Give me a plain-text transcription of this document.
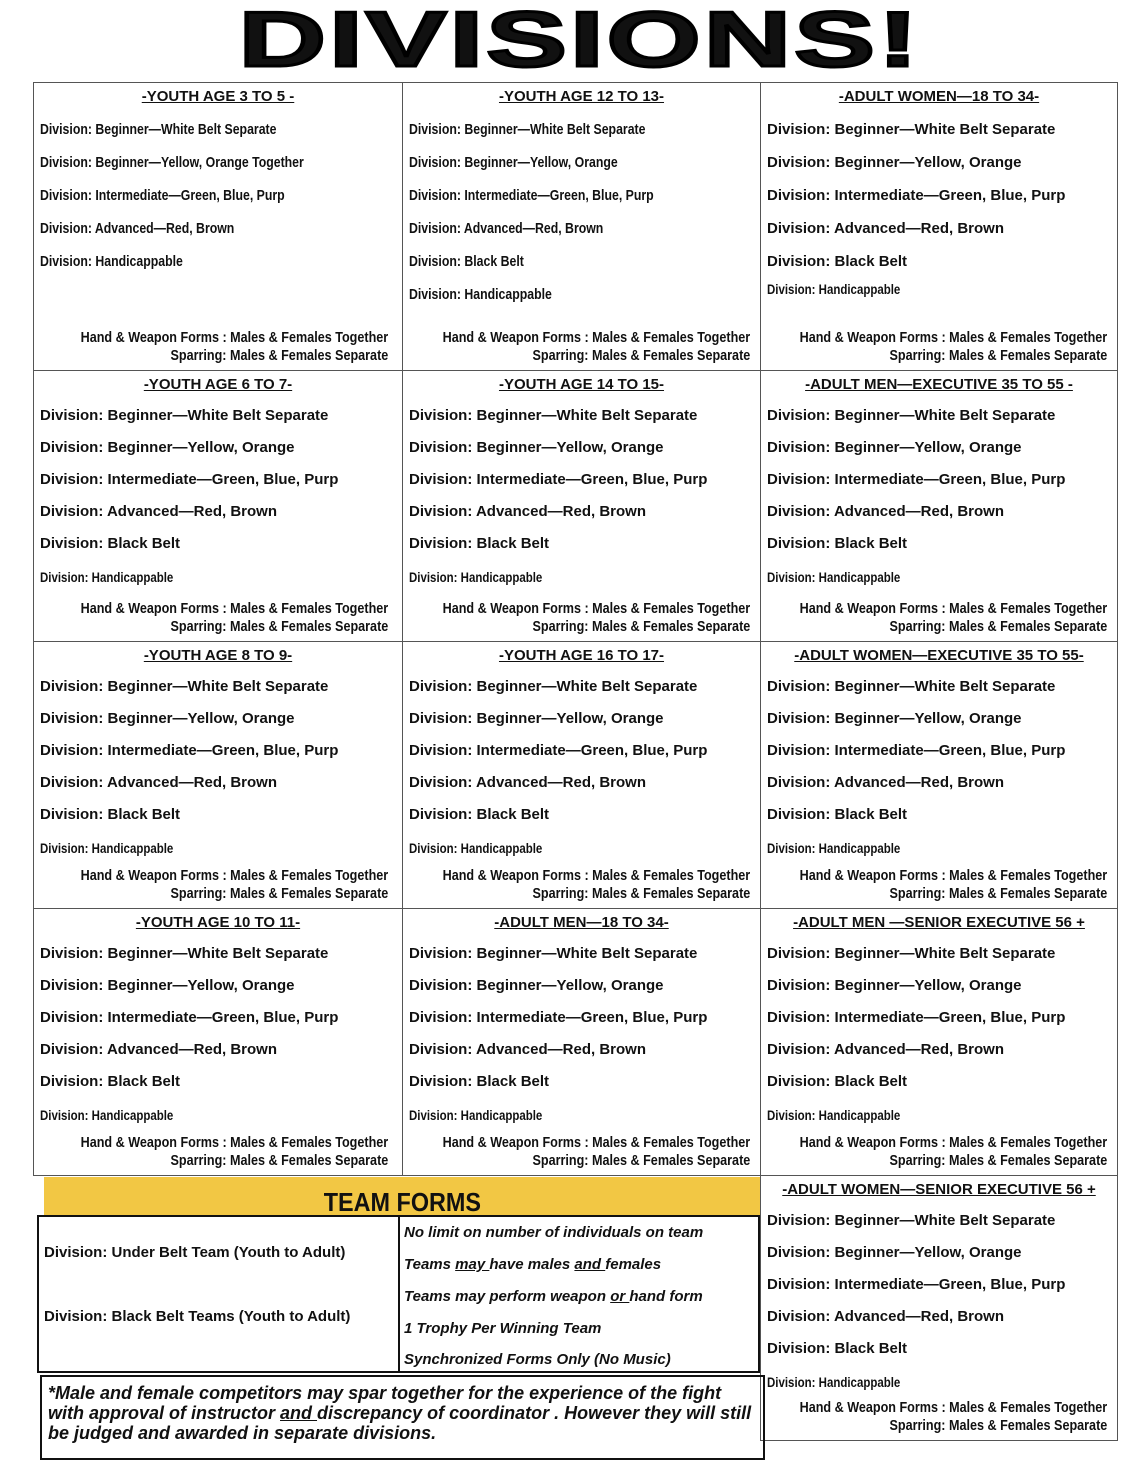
DIVISIONS!
-YOUTH AGE 3 TO 5 -
Division: Beginner—White Belt Separate
Division: Beginner—Yellow, Orange Together
Division: Intermediate—Green, Blue, Purp
Division: Advanced—Red, Brown
Division: Handicappable
Hand & Weapon Forms : Males & Females Together
Sparring: Males & Females Separate
-YOUTH AGE 12 TO 13-
Division: Beginner—White Belt Separate
Division: Beginner—Yellow, Orange
Division: Intermediate—Green, Blue, Purp
Division: Advanced—Red, Brown
Division: Black Belt
Division: Handicappable
Hand & Weapon Forms : Males & Females Together
Sparring: Males & Females Separate
-ADULT WOMEN—18 TO 34-
Division: Beginner—White Belt Separate
Division: Beginner—Yellow, Orange
Division: Intermediate—Green, Blue, Purp
Division: Advanced—Red, Brown
Division: Black Belt
Division: Handicappable
Hand & Weapon Forms : Males & Females Together
Sparring: Males & Females Separate
-YOUTH AGE 6 TO 7-
Division: Beginner—White Belt Separate
Division: Beginner—Yellow, Orange
Division: Intermediate—Green, Blue, Purp
Division: Advanced—Red, Brown
Division: Black Belt
Division: Handicappable
Hand & Weapon Forms : Males & Females Together
Sparring: Males & Females Separate
-YOUTH AGE 14 TO 15-
Division: Beginner—White Belt Separate
Division: Beginner—Yellow, Orange
Division: Intermediate—Green, Blue, Purp
Division: Advanced—Red, Brown
Division: Black Belt
Division: Handicappable
Hand & Weapon Forms : Males & Females Together
Sparring: Males & Females Separate
-ADULT MEN—EXECUTIVE 35 TO 55 -
Division: Beginner—White Belt Separate
Division: Beginner—Yellow, Orange
Division: Intermediate—Green, Blue, Purp
Division: Advanced—Red, Brown
Division: Black Belt
Division: Handicappable
Hand & Weapon Forms : Males & Females Together
Sparring: Males & Females Separate
-YOUTH AGE 8 TO 9-
Division: Beginner—White Belt Separate
Division: Beginner—Yellow, Orange
Division: Intermediate—Green, Blue, Purp
Division: Advanced—Red, Brown
Division: Black Belt
Division: Handicappable
Hand & Weapon Forms : Males & Females Together
Sparring: Males & Females Separate
-YOUTH AGE 16 TO 17-
Division: Beginner—White Belt Separate
Division: Beginner—Yellow, Orange
Division: Intermediate—Green, Blue, Purp
Division: Advanced—Red, Brown
Division: Black Belt
Division: Handicappable
Hand & Weapon Forms : Males & Females Together
Sparring: Males & Females Separate
-ADULT WOMEN—EXECUTIVE 35 TO 55-
Division: Beginner—White Belt Separate
Division: Beginner—Yellow, Orange
Division: Intermediate—Green, Blue, Purp
Division: Advanced—Red, Brown
Division: Black Belt
Division: Handicappable
Hand & Weapon Forms : Males & Females Together
Sparring: Males & Females Separate
-YOUTH AGE 10 TO 11-
Division: Beginner—White Belt Separate
Division: Beginner—Yellow, Orange
Division: Intermediate—Green, Blue, Purp
Division: Advanced—Red, Brown
Division: Black Belt
Division: Handicappable
Hand & Weapon Forms : Males & Females Together
Sparring: Males & Females Separate
-ADULT MEN—18 TO 34-
Division: Beginner—White Belt Separate
Division: Beginner—Yellow, Orange
Division: Intermediate—Green, Blue, Purp
Division: Advanced—Red, Brown
Division: Black Belt
Division: Handicappable
Hand & Weapon Forms : Males & Females Together
Sparring: Males & Females Separate
-ADULT MEN —SENIOR EXECUTIVE 56 +
Division: Beginner—White Belt Separate
Division: Beginner—Yellow, Orange
Division: Intermediate—Green, Blue, Purp
Division: Advanced—Red, Brown
Division: Black Belt
Division: Handicappable
Hand & Weapon Forms : Males & Females Together
Sparring: Males & Females Separate
-ADULT WOMEN—SENIOR EXECUTIVE 56 +
Division: Beginner—White Belt Separate
Division: Beginner—Yellow, Orange
Division: Intermediate—Green, Blue, Purp
Division: Advanced—Red, Brown
Division: Black Belt
Division: Handicappable
Hand & Weapon Forms : Males & Females Together
Sparring: Males & Females Separate
TEAM FORMS
Division: Under Belt Team (Youth to Adult)
Division: Black Belt Teams (Youth to Adult)
No limit on number of individuals on team
Teams may have males and females
Teams may perform weapon or hand form
1 Trophy Per Winning Team
Synchronized Forms Only (No Music)
*Male and female competitors may spar together for the experience of the fight with approval of instructor and discrepancy of coordinator . However they will still be judged and awarded in separate divisions.
